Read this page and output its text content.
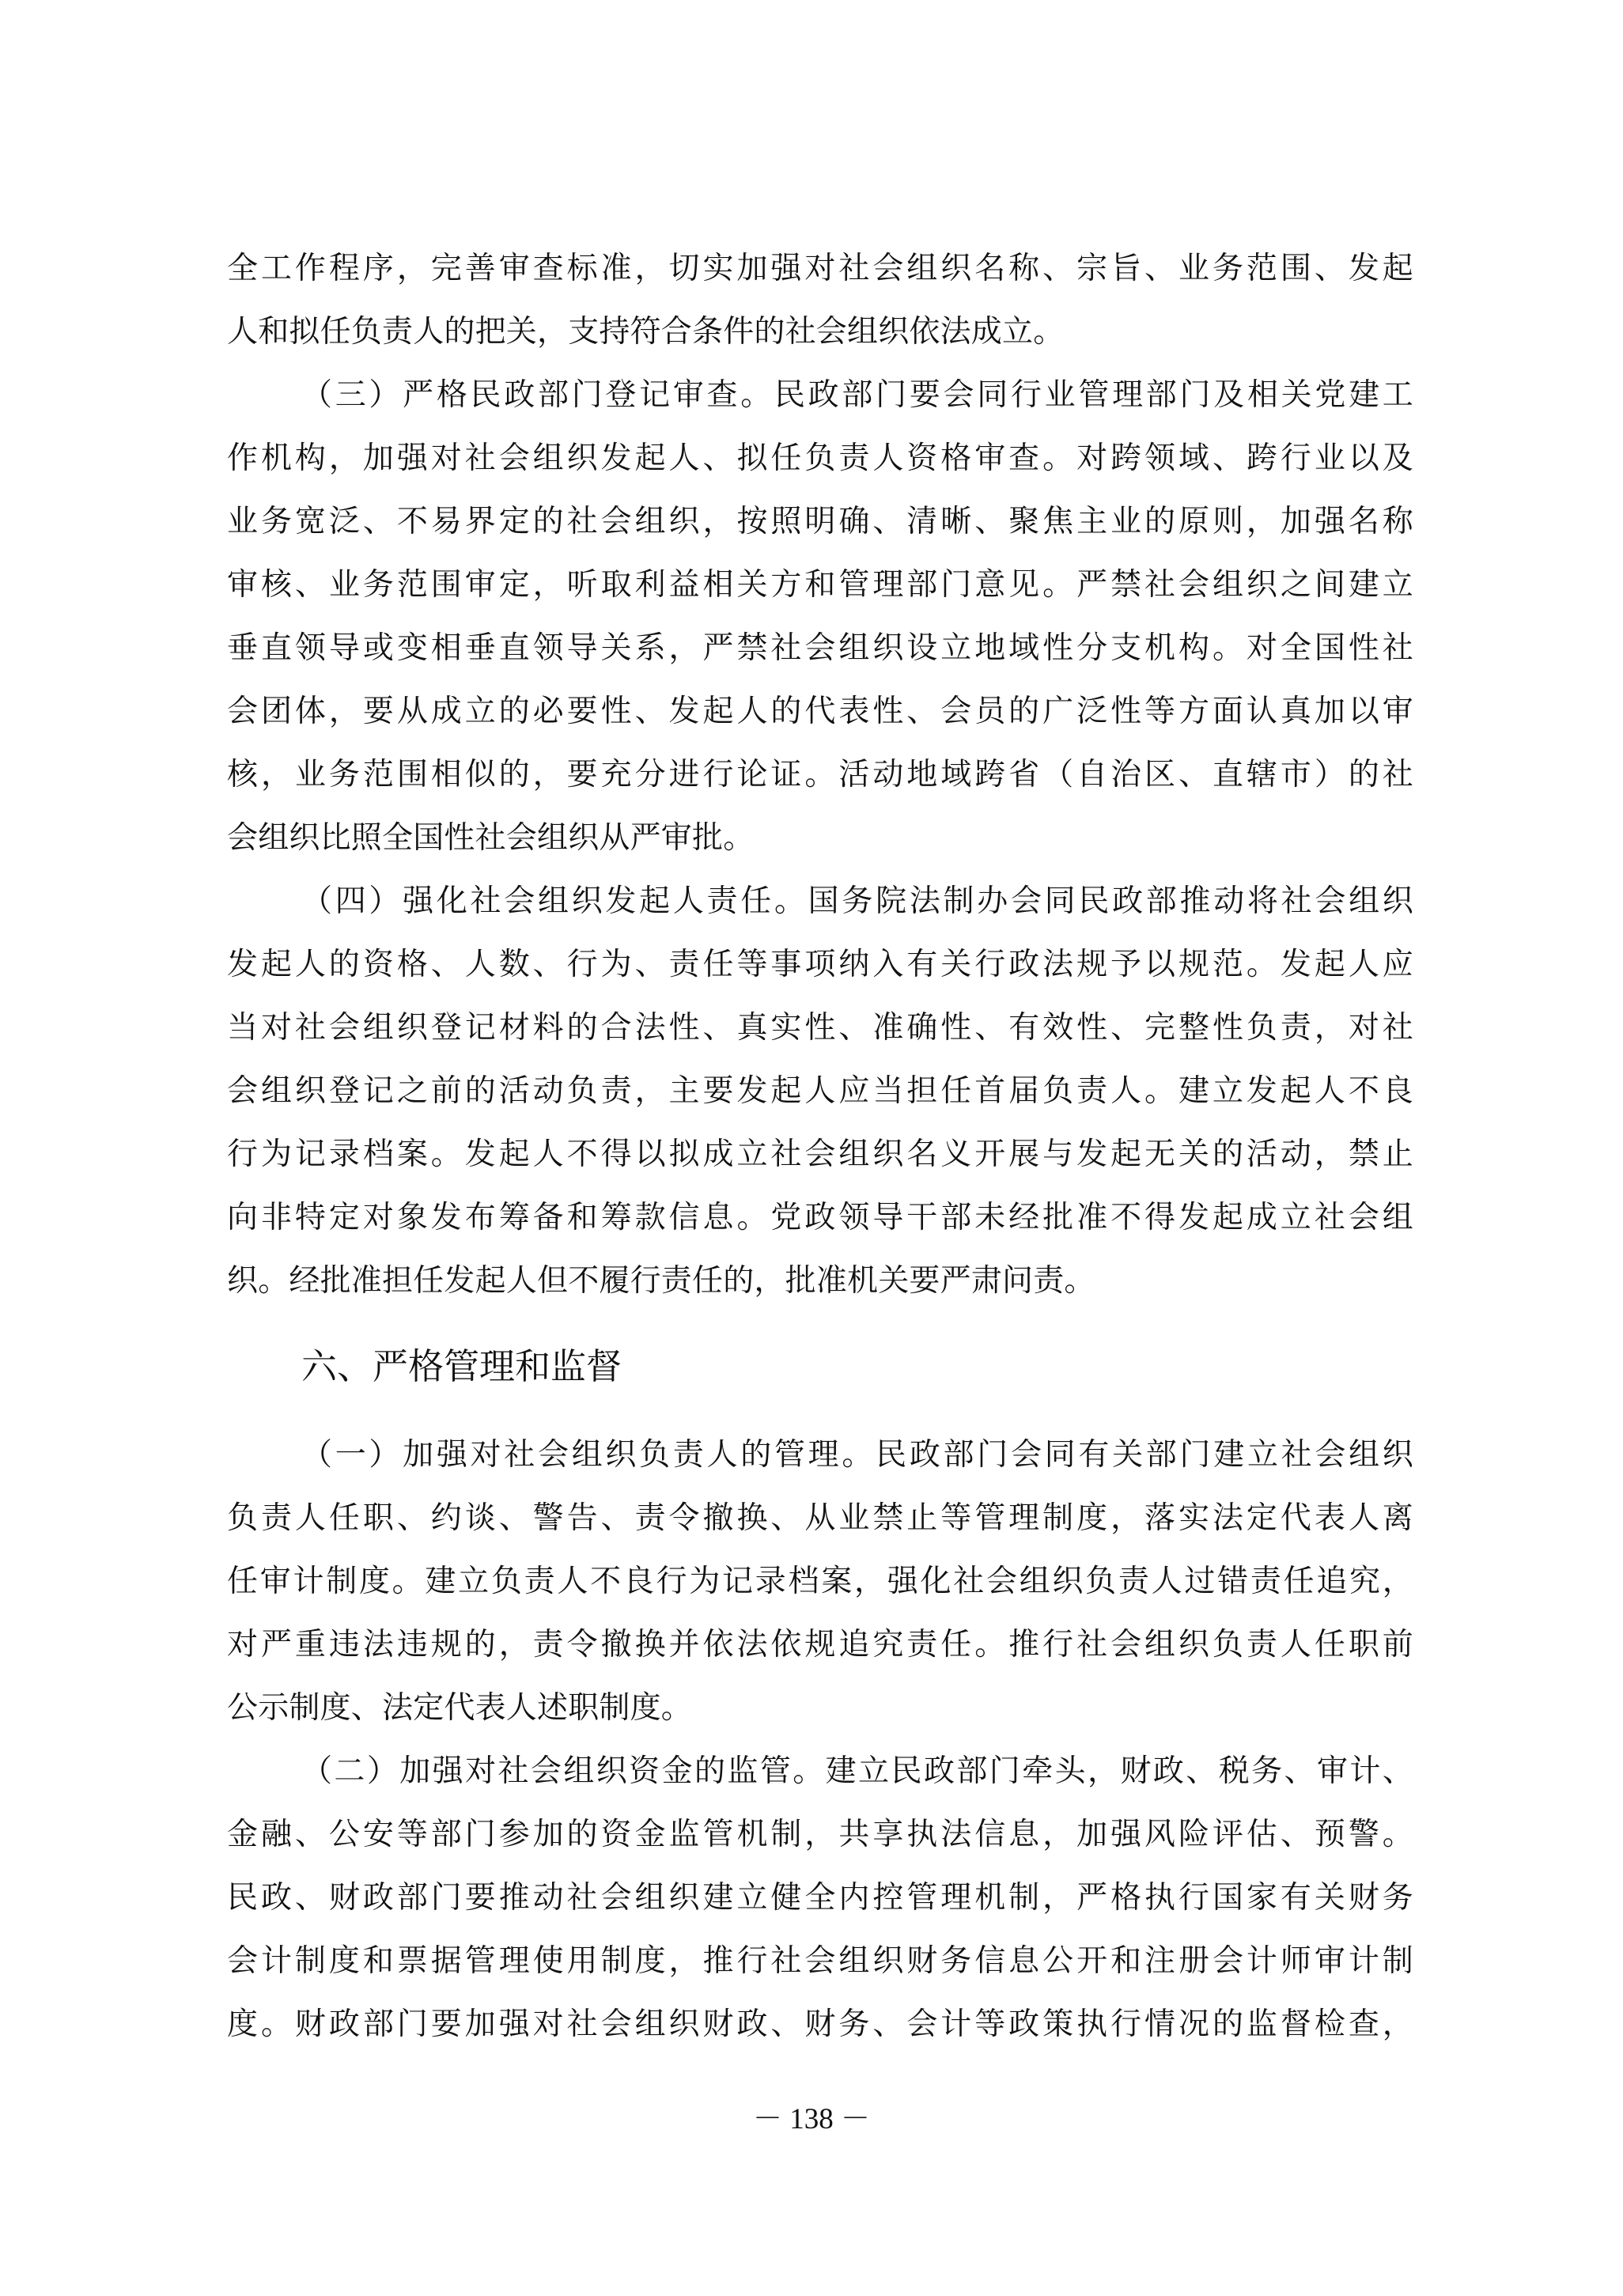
全工作程序，完善审查标准，切实加强对社会组织名称、宗旨、业务范围、发起
人和拟任负责人的把关，支持符合条件的社会组织依法成立。
（三）严格民政部门登记审查。民政部门要会同行业管理部门及相关党建工
作机构，加强对社会组织发起人、拟任负责人资格审查。对跨领域、跨行业以及
业务宽泛、不易界定的社会组织，按照明确、清晰、聚焦主业的原则，加强名称
审核、业务范围审定，听取利益相关方和管理部门意见。严禁社会组织之间建立
垂直领导或变相垂直领导关系，严禁社会组织设立地域性分支机构。对全国性社
会团体，要从成立的必要性、发起人的代表性、会员的广泛性等方面认真加以审
核，业务范围相似的，要充分进行论证。活动地域跨省（自治区、直辖市）的社
会组织比照全国性社会组织从严审批。
（四）强化社会组织发起人责任。国务院法制办会同民政部推动将社会组织
发起人的资格、人数、行为、责任等事项纳入有关行政法规予以规范。发起人应
当对社会组织登记材料的合法性、真实性、准确性、有效性、完整性负责，对社
会组织登记之前的活动负责，主要发起人应当担任首届负责人。建立发起人不良
行为记录档案。发起人不得以拟成立社会组织名义开展与发起无关的活动，禁止
向非特定对象发布筹备和筹款信息。党政领导干部未经批准不得发起成立社会组
织。经批准担任发起人但不履行责任的，批准机关要严肃问责。
（一）加强对社会组织负责人的管理。民政部门会同有关部门建立社会组织
负责人任职、约谈、警告、责令撤换、从业禁止等管理制度，落实法定代表人离
任审计制度。建立负责人不良行为记录档案，强化社会组织负责人过错责任追究，
对严重违法违规的，责令撤换并依法依规追究责任。推行社会组织负责人任职前
公示制度、法定代表人述职制度。
（二）加强对社会组织资金的监管。建立民政部门牵头，财政、税务、审计、
金融、公安等部门参加的资金监管机制，共享执法信息，加强风险评估、预警。
民政、财政部门要推动社会组织建立健全内控管理机制，严格执行国家有关财务
会计制度和票据管理使用制度，推行社会组织财务信息公开和注册会计师审计制
度。财政部门要加强对社会组织财政、财务、会计等政策执行情况的监督检查，
六、严格管理和监督
－ 138 －
